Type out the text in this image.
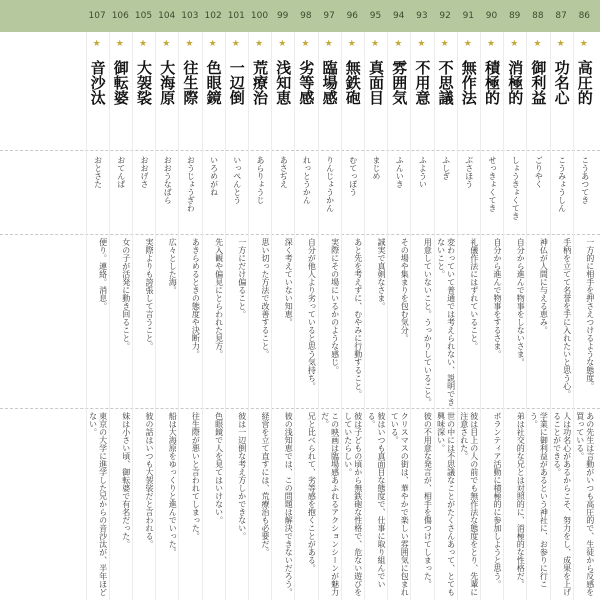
86
★
高圧的
こうあつてき
一方的に相手を押さえつけるような態度。
あの先生は言動がいつも高圧的で、生徒から反感を買っている。
87
★
功名心
こうみょうしん
手柄を立てて名誉を手に入れたいと思う心。
人は功名心があるからこそ、努力をし、成果を上げることができる。
88
★
御利益
ごりやく
神仏が人間に与える恵み。
学業に御利益があるという神社に、お参りに行こう。
89
★
消極的
しょうきょくてき
自分から進んで物事をしないさま。
弟は社交的な兄とは対照的に、消極的な性格だ。
90
★
積極的
せっきょくてき
自分から進んで物事をするさま。
ボランティア活動に積極的に参加しようと思う。
91
★
無作法
ぶさほう
礼儀作法にはずれていること。
彼は目上の人の前でも無作法な態度をとり、先輩に注意された。
92
★
不思議
ふしぎ
変わっていて普通では考えられない、説明できないこと。
世の中には不思議なことがたくさんあって、とても興味深い。
93
★
不用意
ふようい
用意していないこと。うっかりしていること。
彼の不用意な発言が、相手を傷つけてしまった。
94
★
雰囲気
ふんいき
その場や集まりを包む気分。
クリスマスの街は、華やかで楽しい雰囲気に包まれている。
95
★
真面目
まじめ
誠実で真剣なさま。
彼はいつも真面目な態度で、仕事に取り組んでいる。
96
★
無鉄砲
むてっぽう
あと先を考えずに、むやみに行動すること。
彼は子どもの頃から無鉄砲な性格で、危ない遊びをしていたらしい。
97
★
臨場感
りんじょうかん
実際にその場にいるかのような感じ。
この映画は臨場感あふれるアクションシーンが魅力だ。
98
★
劣等感
れっとうかん
自分が他人より劣っていると思う気持ち。
兄と比べられて、劣等感を抱くことがある。
99
★
浅知恵
あさぢえ
深く考えていない知恵。
彼の浅知恵では、この問題は解決できないだろう。
100
★
荒療治
あらりょうじ
思い切った方法で改善すること。
経営を立て直すには、荒療治も必要だ。
101
★
一辺倒
いっぺんとう
一方にだけ偏ること。
彼は一辺倒な考え方しかできない。
102
★
色眼鏡
いろめがね
先入観や偏見にとらわれた見方。
色眼鏡で人を見てはいけない。
103
★
往生際
おうじょうぎわ
あきらめるときの態度や決断力。
往生際が悪いと言われてしまった。
104
★
大海原
おおうなばら
広々とした海。
船は大海原をゆっくりと進んでいった。
105
★
大袈裟
おおげさ
実際よりも誇張して言うこと。
彼の話はいつも大袈裟だと言われる。
106
★
御転婆
おてんば
女の子が活発に動き回ること。
妹は小さい頃、御転婆で有名だった。
107
★
音沙汰
おとさた
便り。連絡。消息。
東京の大学に進学した兄からの音沙汰が、半年ほどない。
